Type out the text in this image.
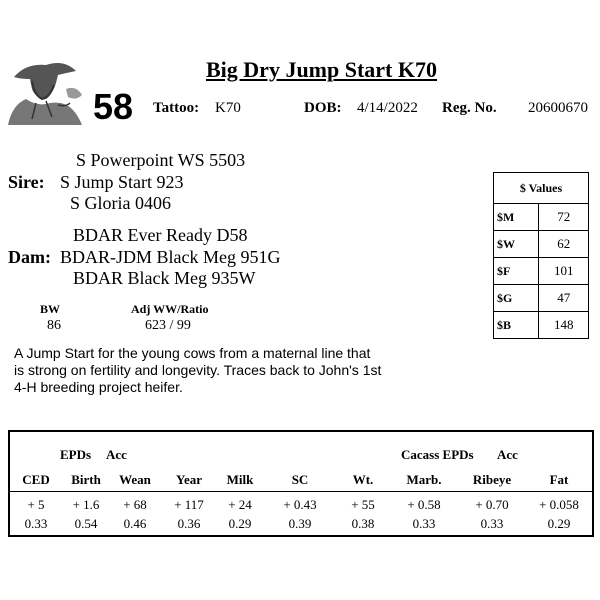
Big Dry Jump Start K70
58 Tattoo: K70	DOB: 4/14/2022 Reg. No. 20600670
S Powerpoint WS 5503
Sire: S Jump Start 923
S Gloria 0406
BDAR Ever Ready D58
Dam: BDAR-JDM Black Meg 951G
BDAR Black Meg 935W
BW
86
Adj WW/Ratio
623 / 99
A Jump Start for the young cows from a maternal line that is strong on fertility and longevity. Traces back to John's 1st 4-H breeding project heifer.
$ Values	
$M	72
$W	62
$F	101
$G	47
$B	148
EPDs Acc	Cacass EPDs Acc
CED	Birth	Wean	Year	Milk	SC	Wt.	Marb.	Ribeye	Fat
+ 5	+ 1.6	+ 68	+ 117	+ 24	+ 0.43	+ 55	+ 0.58	+ 0.70	+ 0.058
0.33	0.54	0.46	0.36	0.29	0.39	0.38	0.33	0.33	0.29
